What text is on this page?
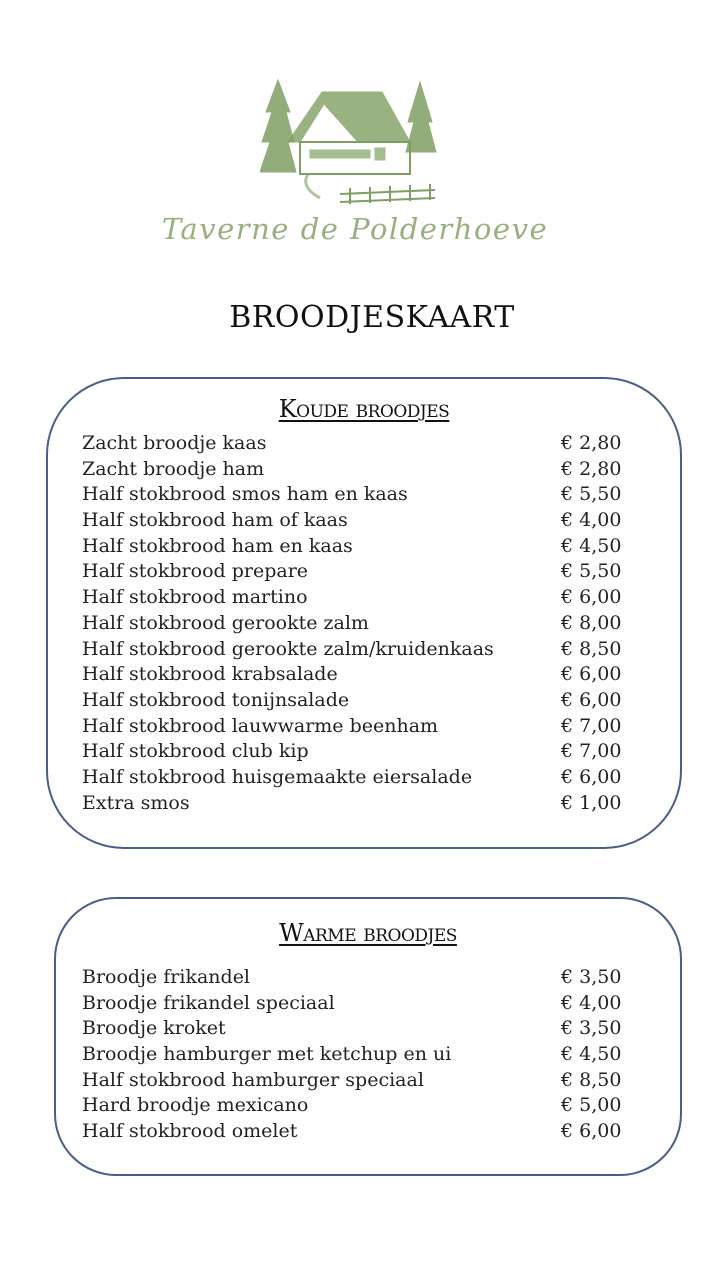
Taverne de Polderhoeve
BROODJESKAART
Koude broodjes
Zacht broodje kaas	€ 2,80
Zacht broodje ham	€ 2,80
Half stokbrood smos ham en kaas	€ 5,50
Half stokbrood ham of kaas	€ 4,00
Half stokbrood ham en kaas	€ 4,50
Half stokbrood prepare	€ 5,50
Half stokbrood martino	€ 6,00
Half stokbrood gerookte zalm	€ 8,00
Half stokbrood gerookte zalm/kruidenkaas	€ 8,50
Half stokbrood krabsalade	€ 6,00
Half stokbrood tonijnsalade	€ 6,00
Half stokbrood lauwwarme beenham	€ 7,00
Half stokbrood club kip	€ 7,00
Half stokbrood huisgemaakte eiersalade	€ 6,00
Extra smos	€ 1,00
Warme broodjes
Broodje frikandel	€ 3,50
Broodje frikandel speciaal	€ 4,00
Broodje kroket	€ 3,50
Broodje hamburger met ketchup en ui	€ 4,50
Half stokbrood hamburger speciaal	€ 8,50
Hard broodje mexicano	€ 5,00
Half stokbrood omelet	€ 6,00
